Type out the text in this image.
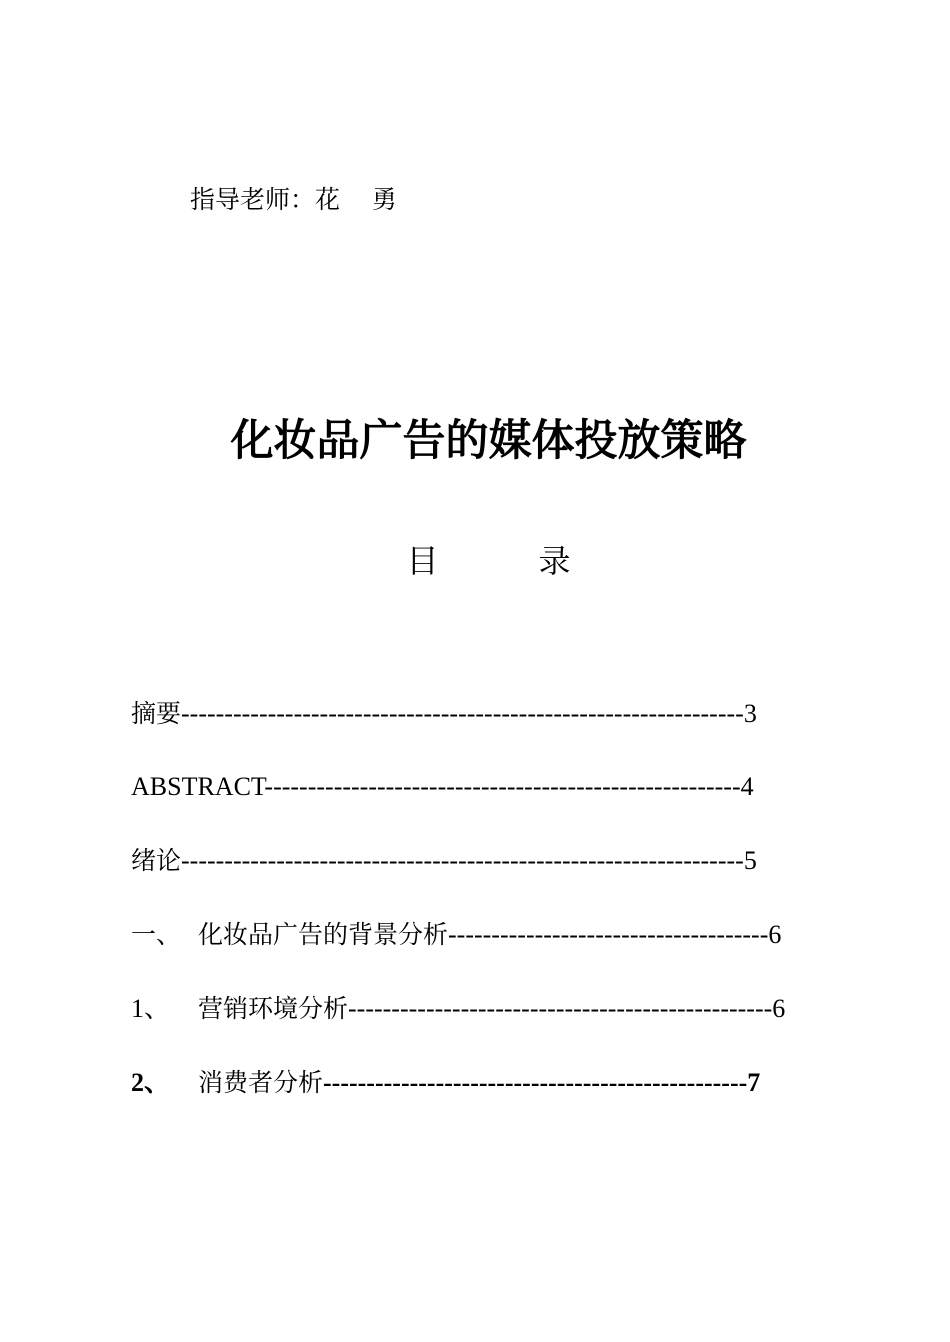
指导老师：花    勇
化妆品广告的媒体投放策略
目	录
摘要-----------------------------------------------------------------3
ABSTRACT-------------------------------------------------------4
绪论-----------------------------------------------------------------5
一、 化妆品广告的背景分析-------------------------------------6
1、 营销环境分析-------------------------------------------------6
2、 消费者分析-------------------------------------------------7
